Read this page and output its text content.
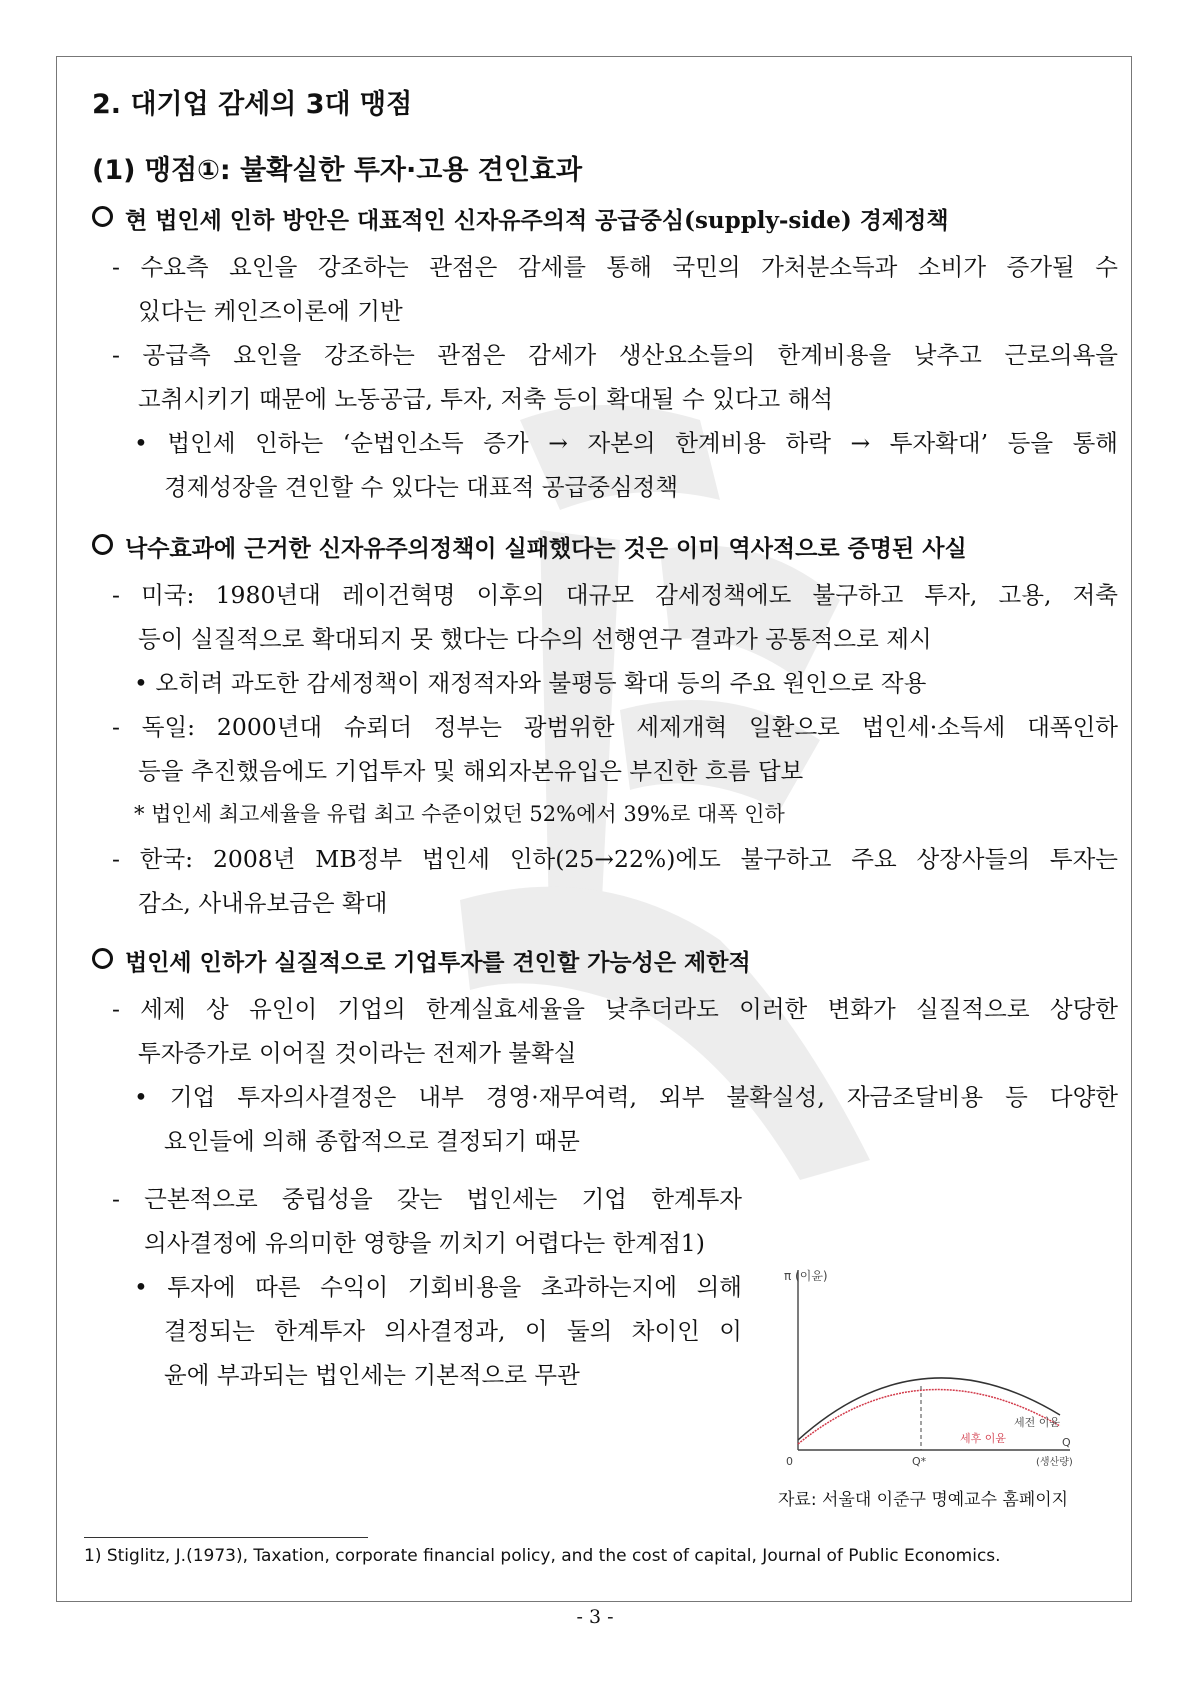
2. 대기업 감세의 3대 맹점
(1) 맹점①: 불확실한 투자·고용 견인효과
현 법인세 인하 방안은 대표적인 신자유주의적 공급중심(supply-side) 경제정책
- 수요측 요인을 강조하는 관점은 감세를 통해 국민의 가처분소득과 소비가 증가될 수
있다는 케인즈이론에 기반
- 공급측 요인을 강조하는 관점은 감세가 생산요소들의 한계비용을 낮추고 근로의욕을
고취시키기 때문에 노동공급, 투자, 저축 등이 확대될 수 있다고 해석
• 법인세 인하는 ‘순법인소득 증가 → 자본의 한계비용 하락 → 투자확대’ 등을 통해
경제성장을 견인할 수 있다는 대표적 공급중심정책
낙수효과에 근거한 신자유주의정책이 실패했다는 것은 이미 역사적으로 증명된 사실
- 미국: 1980년대 레이건혁명 이후의 대규모 감세정책에도 불구하고 투자, 고용, 저축
등이 실질적으로 확대되지 못 했다는 다수의 선행연구 결과가 공통적으로 제시
• 오히려 과도한 감세정책이 재정적자와 불평등 확대 등의 주요 원인으로 작용
- 독일: 2000년대 슈뢰더 정부는 광범위한 세제개혁 일환으로 법인세·소득세 대폭인하
등을 추진했음에도 기업투자 및 해외자본유입은 부진한 흐름 답보
* 법인세 최고세율을 유럽 최고 수준이었던 52%에서 39%로 대폭 인하
- 한국: 2008년 MB정부 법인세 인하(25→22%)에도 불구하고 주요 상장사들의 투자는
감소, 사내유보금은 확대
법인세 인하가 실질적으로 기업투자를 견인할 가능성은 제한적
- 세제 상 유인이 기업의 한계실효세율을 낮추더라도 이러한 변화가 실질적으로 상당한
투자증가로 이어질 것이라는 전제가 불확실
• 기업 투자의사결정은 내부 경영·재무여력, 외부 불확실성, 자금조달비용 등 다양한
요인들에 의해 종합적으로 결정되기 때문
- 근본적으로 중립성을 갖는 법인세는 기업 한계투자
의사결정에 유의미한 영향을 끼치기 어렵다는 한계점1)
• 투자에 따른 수익이 기회비용을 초과하는지에 의해
결정되는 한계투자 의사결정과, 이 둘의 차이인 이
윤에 부과되는 법인세는 기본적으로 무관
π (이윤)
0	Q*
Q
(생산량)
세후 이윤
세전 이윤
자료: 서울대 이준구 명예교수 홈페이지
1) Stiglitz, J.(1973), Taxation, corporate financial policy, and the cost of capital, Journal of Public Economics.
- 3 -
